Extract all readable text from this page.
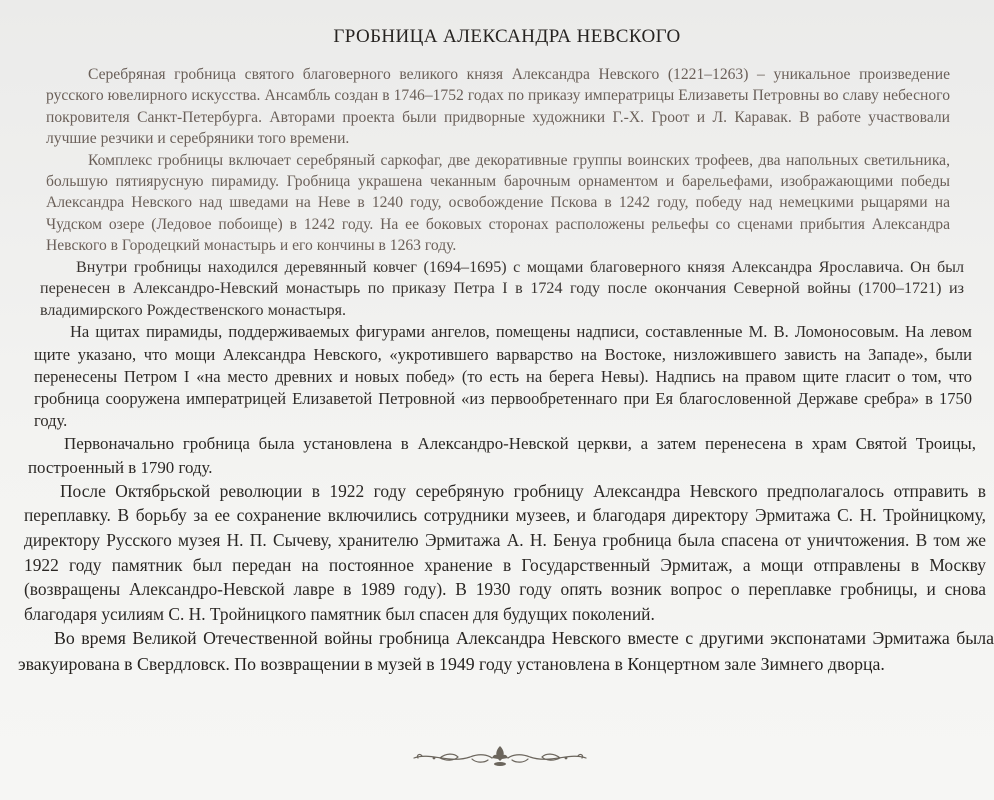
ГРОБНИЦА АЛЕКСАНДРА НЕВСКОГО

Серебряная гробница святого благоверного великого князя Александра Невского (1221–1263) – уникальное произведение русского ювелирного искусства. Ансамбль создан в 1746–1752 годах по приказу императрицы Елизаветы Петровны во славу небесного покровителя Санкт-Петербурга. Авторами проекта были придворные художники Г.-Х. Гроот и Л. Каравак. В работе участвовали лучшие резчики и серебряники того времени.

Комплекс гробницы включает серебряный саркофаг, две декоративные группы воинских трофеев, два напольных светильника, большую пятиярусную пирамиду. Гробница украшена чеканным барочным орнаментом и барельефами, изображающими победы Александра Невского над шведами на Неве в 1240 году, освобождение Пскова в 1242 году, победу над немецкими рыцарями на Чудском озере (Ледовое побоище) в 1242 году. На ее боковых сторонах расположены рельефы со сценами прибытия Александра Невского в Городецкий монастырь и его кончины в 1263 году.

Внутри гробницы находился деревянный ковчег (1694–1695) с мощами благоверного князя Александра Ярославича. Он был перенесен в Александро-Невский монастырь по приказу Петра I в 1724 году после окончания Северной войны (1700–1721) из владимирского Рождественского монастыря.

На щитах пирамиды, поддерживаемых фигурами ангелов, помещены надписи, составленные М. В. Ломоносовым. На левом щите указано, что мощи Александра Невского, «укротившего варварство на Востоке, низложившего зависть на Западе», были перенесены Петром I «на место древних и новых побед» (то есть на берега Невы). Надпись на правом щите гласит о том, что гробница сооружена императрицей Елизаветой Петровной «из первообретеннаго при Ея благословенной Державе сребра» в 1750 году.

Первоначально гробница была установлена в Александро-Невской церкви, а затем перенесена в храм Святой Троицы, построенный в 1790 году.

После Октябрьской революции в 1922 году серебряную гробницу Александра Невского предполагалось отправить в переплавку. В борьбу за ее сохранение включились сотрудники музеев, и благодаря директору Эрмитажа С. Н. Тройницкому, директору Русского музея Н. П. Сычеву, хранителю Эрмитажа А. Н. Бенуа гробница была спасена от уничтожения. В том же 1922 году памятник был передан на постоянное хранение в Государственный Эрмитаж, а мощи отправлены в Москву (возвращены Александро-Невской лавре в 1989 году). В 1930 году опять возник вопрос о переплавке гробницы, и снова благодаря усилиям С. Н. Тройницкого памятник был спасен для будущих поколений.

Во время Великой Отечественной войны гробница Александра Невского вместе с другими экспонатами Эрмитажа была эвакуирована в Свердловск. По возвращении в музей в 1949 году установлена в Концертном зале Зимнего дворца.
